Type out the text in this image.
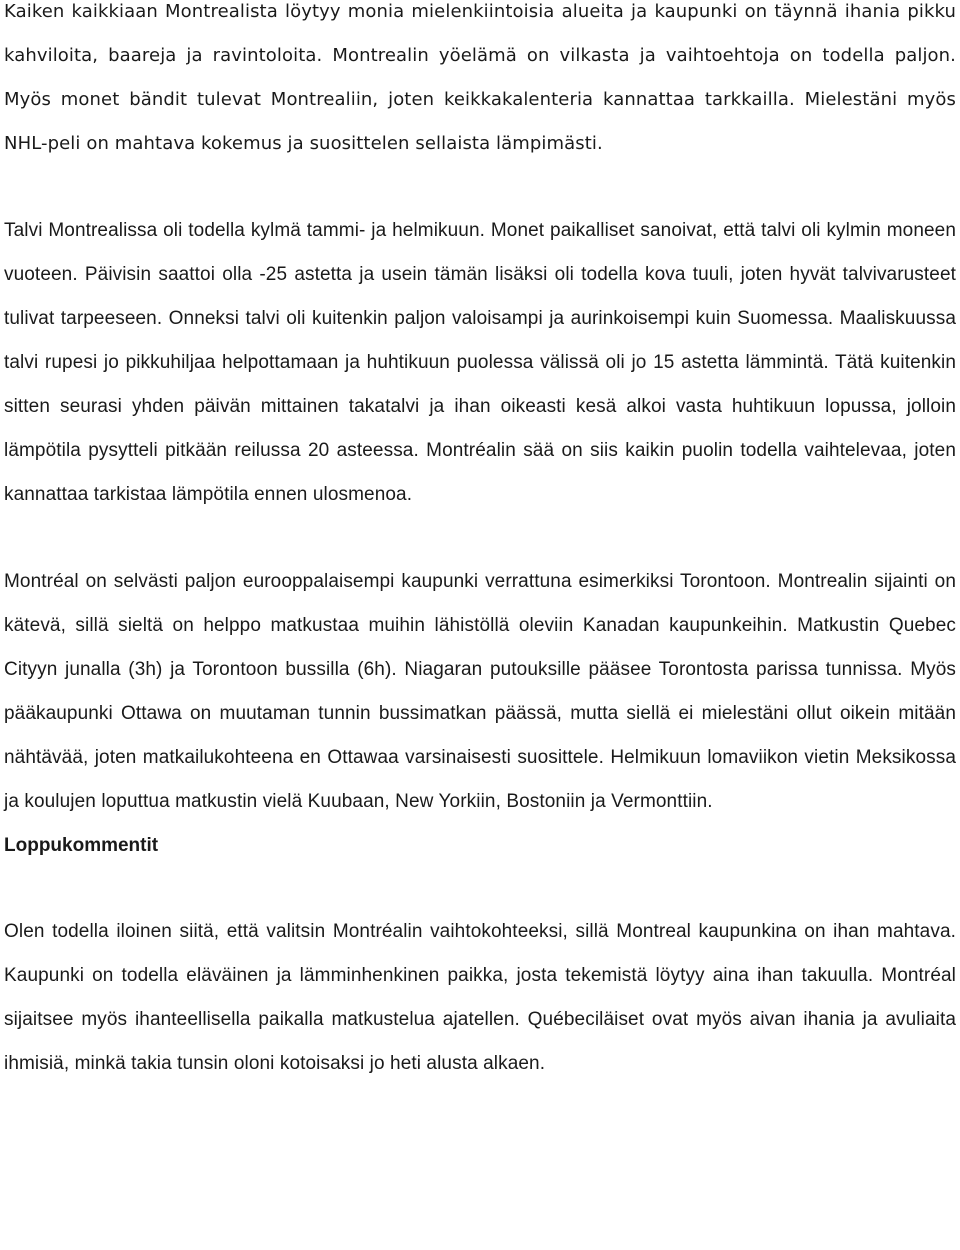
Kaiken kaikkiaan Montrealista löytyy monia mielenkiintoisia alueita ja kaupunki on täynnä ihania pikku kahviloita, baareja ja ravintoloita. Montrealin yöelämä on vilkasta ja vaihtoehtoja on todella paljon. Myös monet bändit tulevat Montrealiin, joten keikkakalenteria kannattaa tarkkailla. Mielestäni myös NHL-peli on mahtava kokemus ja suosittelen sellaista lämpimästi.

Talvi Montrealissa oli todella kylmä tammi- ja helmikuun. Monet paikalliset sanoivat, että talvi oli kylmin moneen vuoteen. Päivisin saattoi olla -25 astetta ja usein tämän lisäksi oli todella kova tuuli, joten hyvät talvivarusteet tulivat tarpeeseen. Onneksi talvi oli kuitenkin paljon valoisampi ja aurinkoisempi kuin Suomessa. Maaliskuussa talvi rupesi jo pikkuhiljaa helpottamaan ja huhtikuun puolessa välissä oli jo 15 astetta lämmintä. Tätä kuitenkin sitten seurasi yhden päivän mittainen takatalvi ja ihan oikeasti kesä alkoi vasta huhtikuun lopussa, jolloin lämpötila pysytteli pitkään reilussa 20 asteessa. Montréalin sää on siis kaikin puolin todella vaihtelevaa, joten kannattaa tarkistaa lämpötila ennen ulosmenoa.

Montréal on selvästi paljon eurooppalaisempi kaupunki verrattuna esimerkiksi Torontoon. Montrealin sijainti on kätevä, sillä sieltä on helppo matkustaa muihin lähistöllä oleviin Kanadan kaupunkeihin. Matkustin Quebec Cityyn junalla (3h) ja Torontoon bussilla (6h). Niagaran putouksille pääsee Torontosta parissa tunnissa. Myös pääkaupunki Ottawa on muutaman tunnin bussimatkan päässä, mutta siellä ei mielestäni ollut oikein mitään nähtävää, joten matkailukohteena en Ottawaa varsinaisesti suosittele. Helmikuun lomaviikon vietin Meksikossa ja koulujen loputtua matkustin vielä Kuubaan, New Yorkiin, Bostoniin ja Vermonttiin.

Loppukommentit

Olen todella iloinen siitä, että valitsin Montréalin vaihtokohteeksi, sillä Montreal kaupunkina on ihan mahtava. Kaupunki on todella eläväinen ja lämminhenkinen paikka, josta tekemistä löytyy aina ihan takuulla. Montréal sijaitsee myös ihanteellisella paikalla matkustelua ajatellen. Québeciläiset ovat myös aivan ihania ja avuliaita ihmisiä, minkä takia tunsin oloni kotoisaksi jo heti alusta alkaen.
